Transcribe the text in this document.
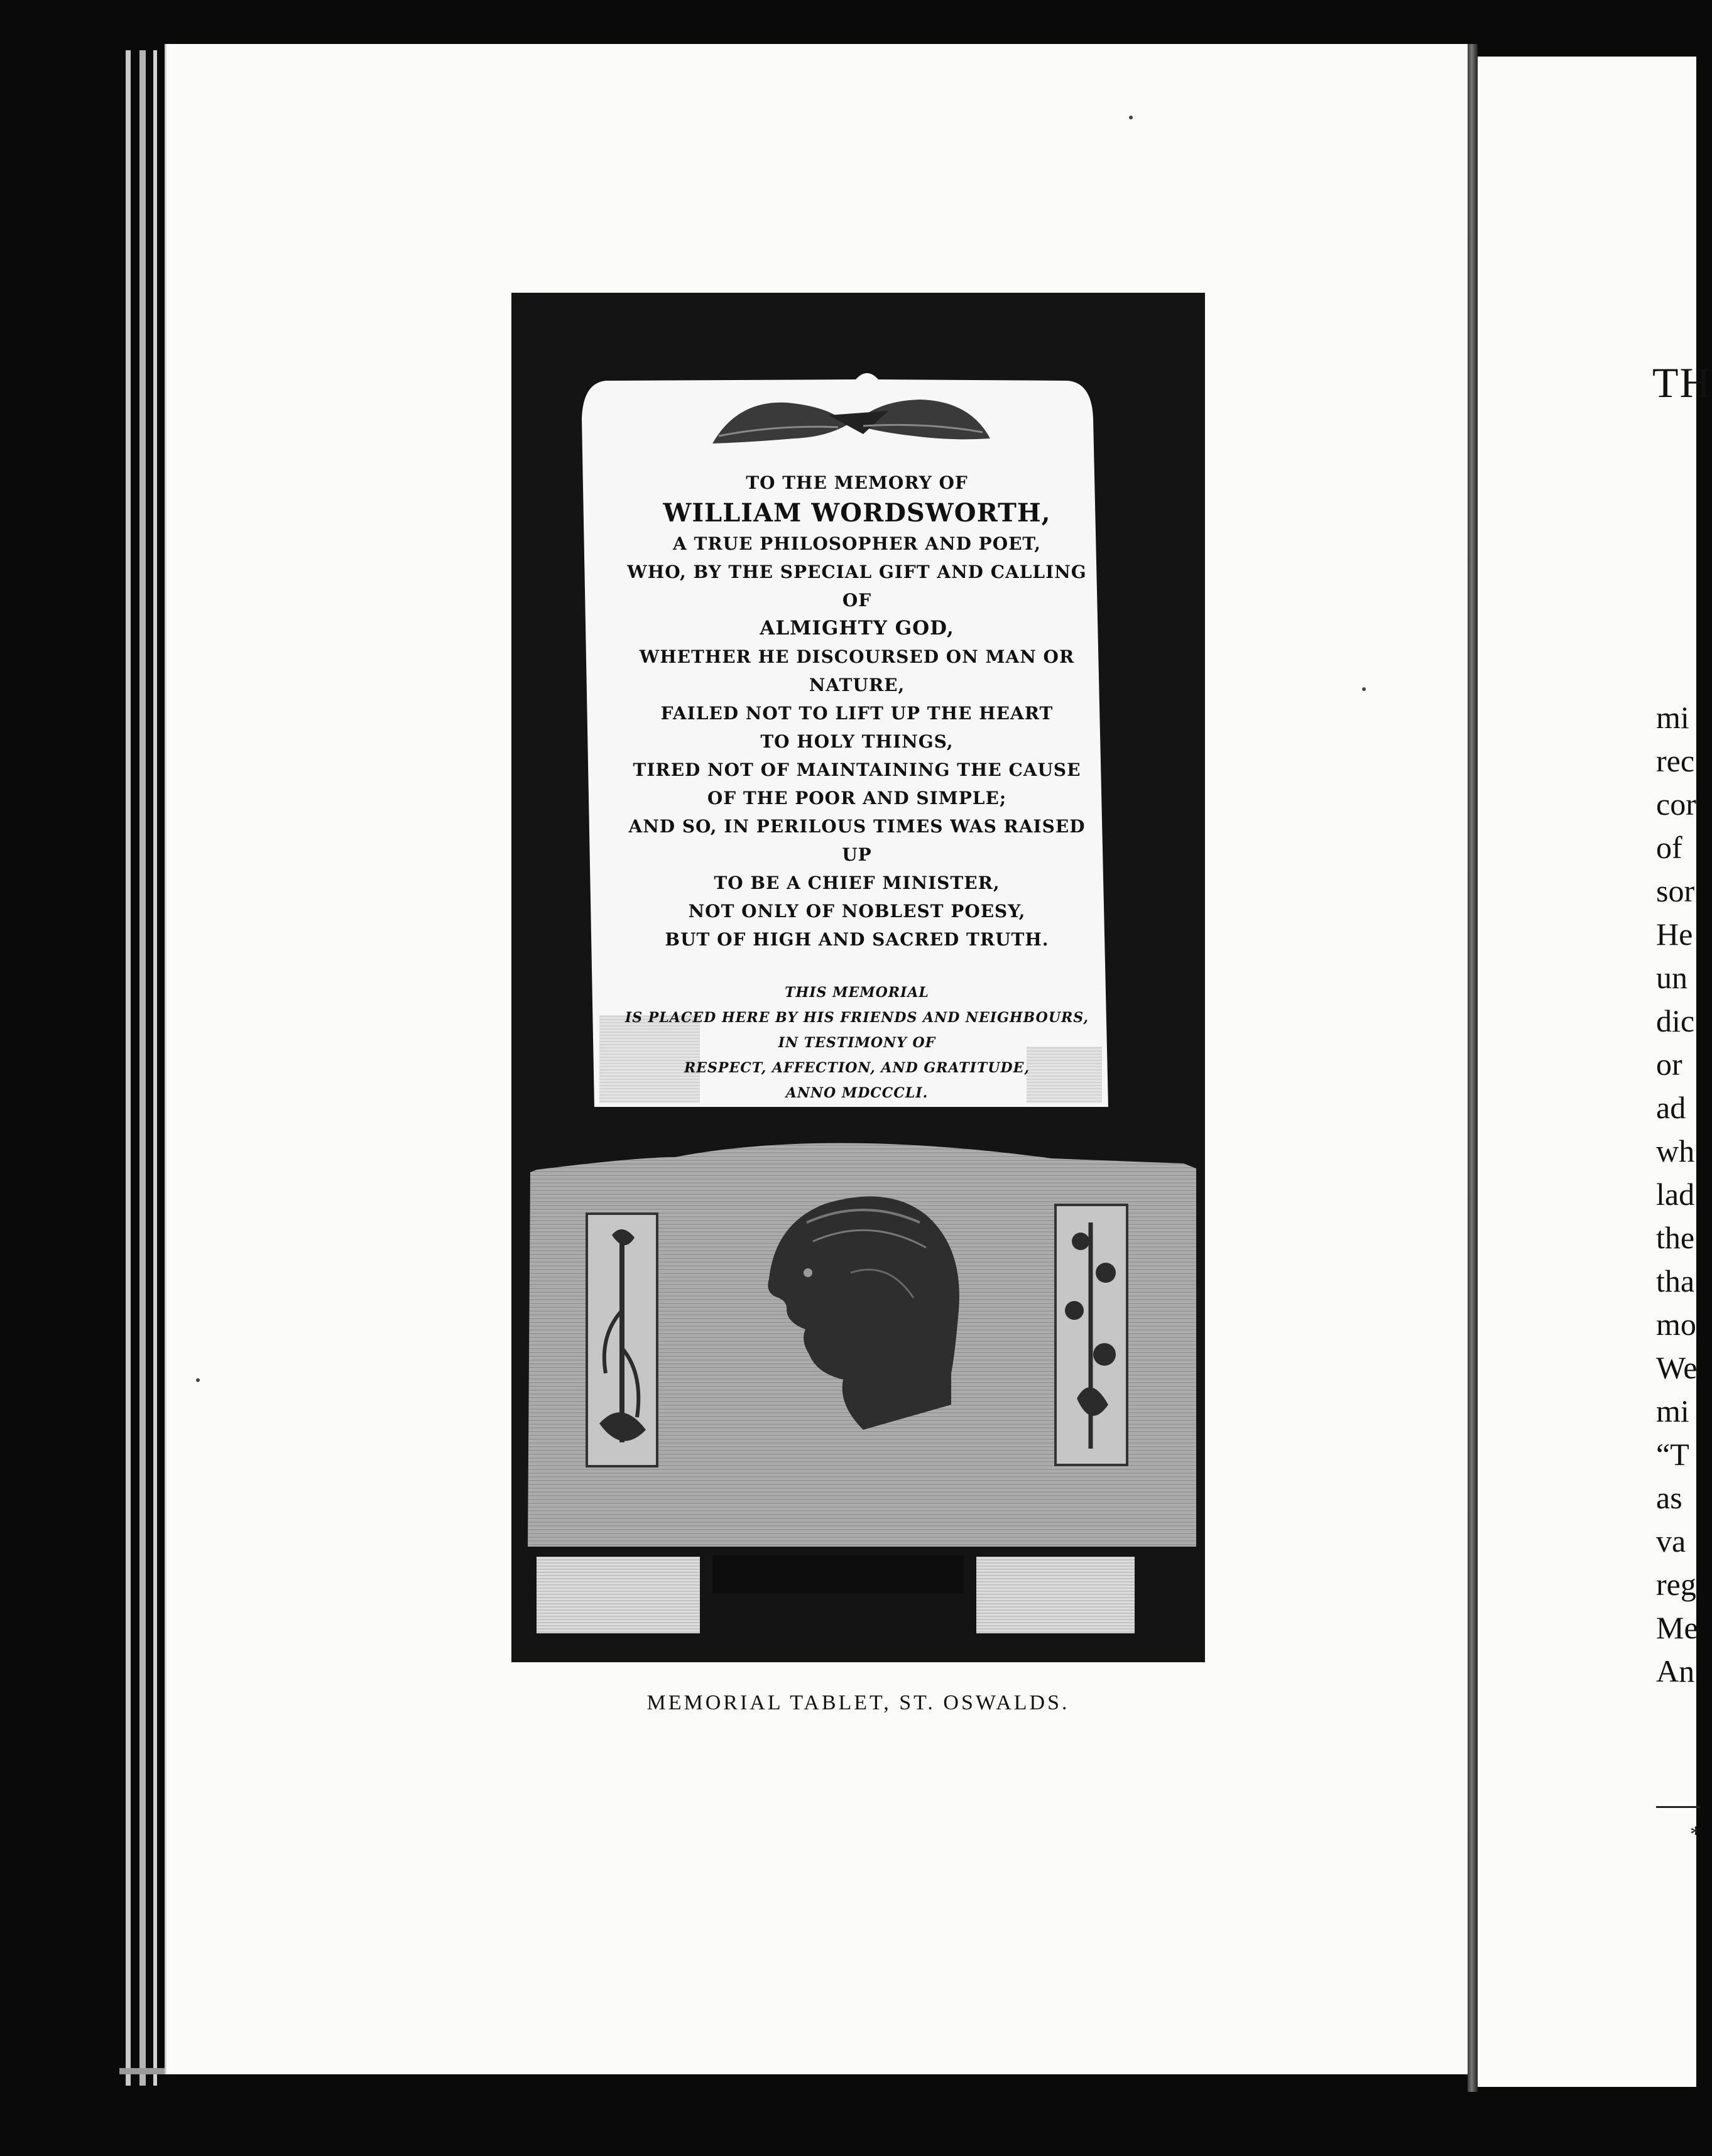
TO THE MEMORY OF
WILLIAM WORDSWORTH,
A TRUE PHILOSOPHER AND POET,
WHO, BY THE SPECIAL GIFT AND CALLING OF
ALMIGHTY GOD,
WHETHER HE DISCOURSED ON MAN OR NATURE,
FAILED NOT TO LIFT UP THE HEART
TO HOLY THINGS,
TIRED NOT OF MAINTAINING THE CAUSE
OF THE POOR AND SIMPLE;
AND SO, IN PERILOUS TIMES WAS RAISED UP
TO BE A CHIEF MINISTER,
NOT ONLY OF NOBLEST POESY,
BUT OF HIGH AND SACRED TRUTH.
THIS MEMORIAL
IS PLACED HERE BY HIS FRIENDS AND NEIGHBOURS,
IN TESTIMONY OF
RESPECT, AFFECTION, AND GRATITUDE,
ANNO MDCCCLI.
MEMORIAL TABLET, ST. OSWALDS.
TH
mi
rec
cor
of
sor
He
un
dic
or
ad
wh
lad
the
tha
mo
We
mi
“T
as
va
reg
Me
An
*
